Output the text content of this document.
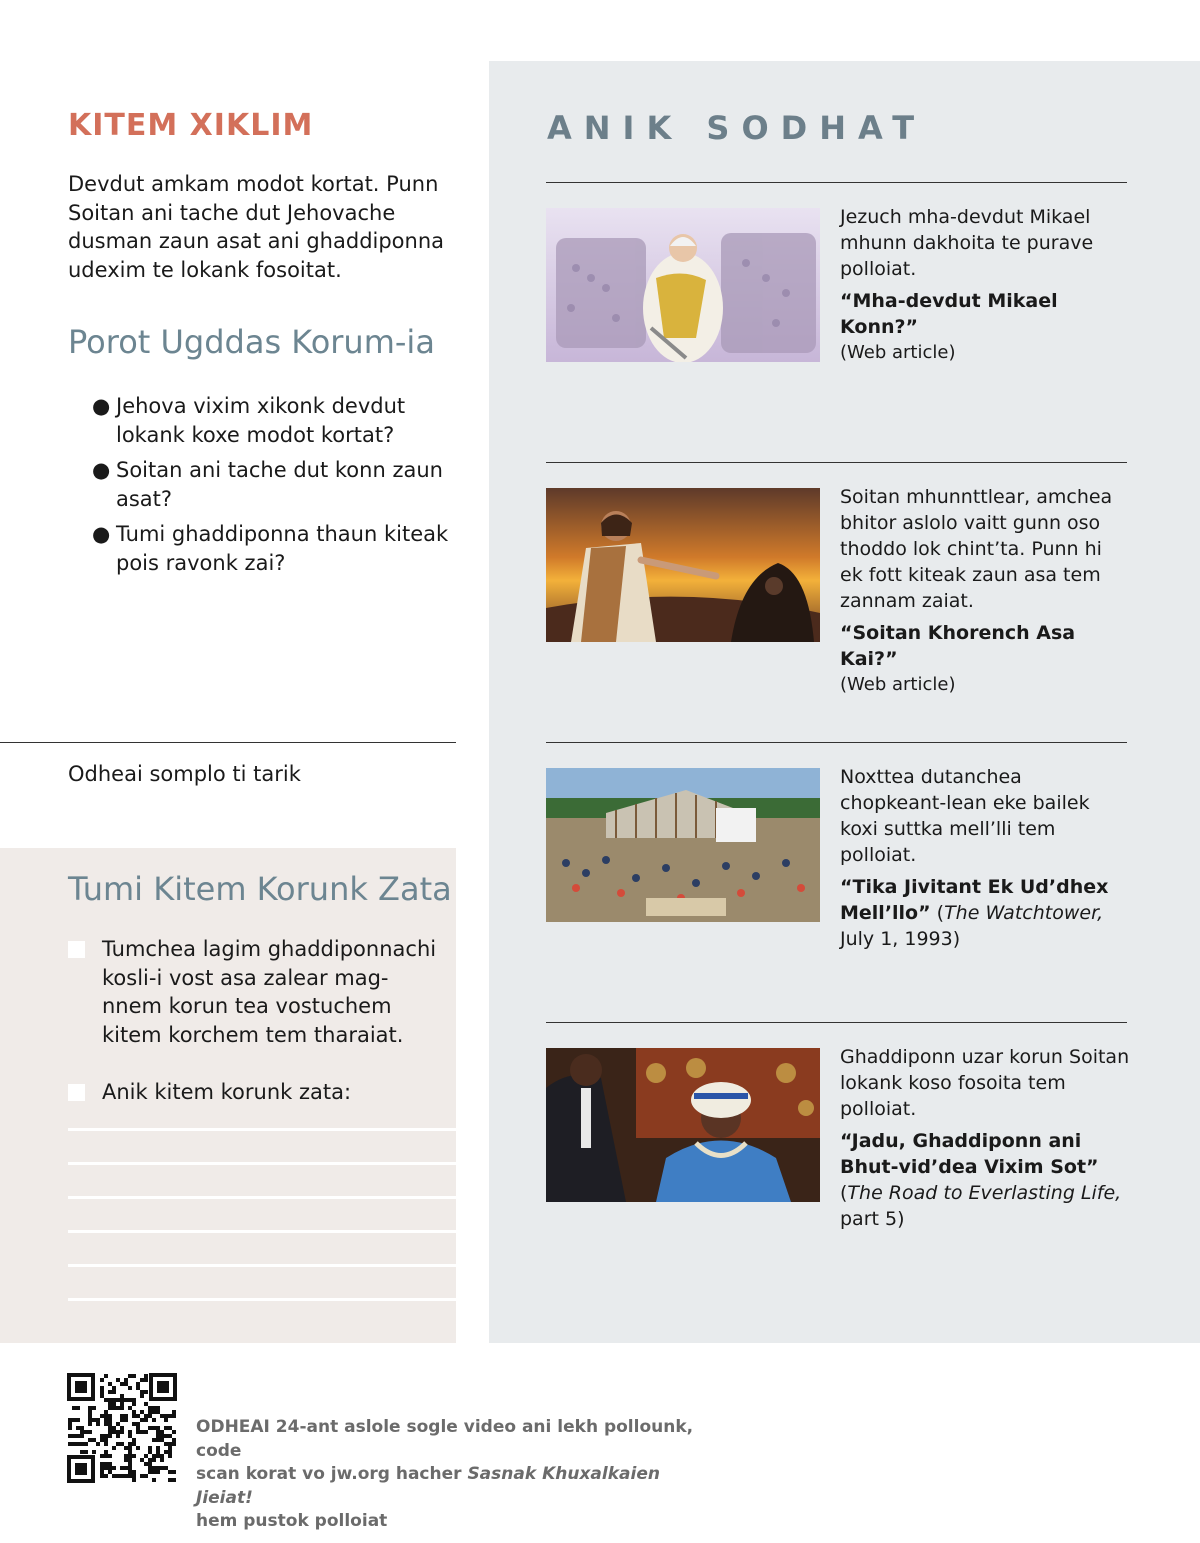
KITEM XIKLIM

Devdut amkam modot kortat. Punn Soitan ani tache dut Jehovache dusman zaun asat ani ghaddiponna udexim te lokank fosoitat.

Porot Ugddas Korum-ia
● Jehova vixim xikonk devdut lokank koxe modot kortat?
● Soitan ani tache dut konn zaun asat?
● Tumi ghaddiponna thaun kiteak pois ravonk zai?
Odheai somplo ti tarik
Tumi Kitem Korunk Zata
Tumchea lagim ghaddiponnachi kosli-i vost asa zalear mag-nnem korun tea vostuchem kitem korchem tem tharaiat.
Anik kitem korunk zata:
ANIK SODHAT
Jezuch mha-devdut Mikael mhunn dakhoita te purave polloiat.
“Mha-devdut Mikael Konn?”
(Web article)
Soitan mhunnttlear, amchea bhitor aslolo vaitt gunn oso thoddo lok chint’ta. Punn hi ek fott kiteak zaun asa tem zannam zaiat.
“Soitan Khorench Asa Kai?”
(Web article)
Noxttea dutanchea chopkeant-lean eke bailek koxi suttka mell’lli tem polloiat.
“Tika Jivitant Ek Ud’dhex Mell’llo” (The Watchtower,
July 1, 1993)
Ghaddiponn uzar korun Soitan lokank koso fosoita tem polloiat.
“Jadu, Ghaddiponn ani Bhut-vid’dea Vixim Sot”
(The Road to Everlasting Life,
part 5)
ODHEAI 24-ant aslole sogle video ani lekh pollounk, code
scan korat vo jw.org hacher Sasnak Khuxalkaien Jieiat!
hem pustok polloiat
